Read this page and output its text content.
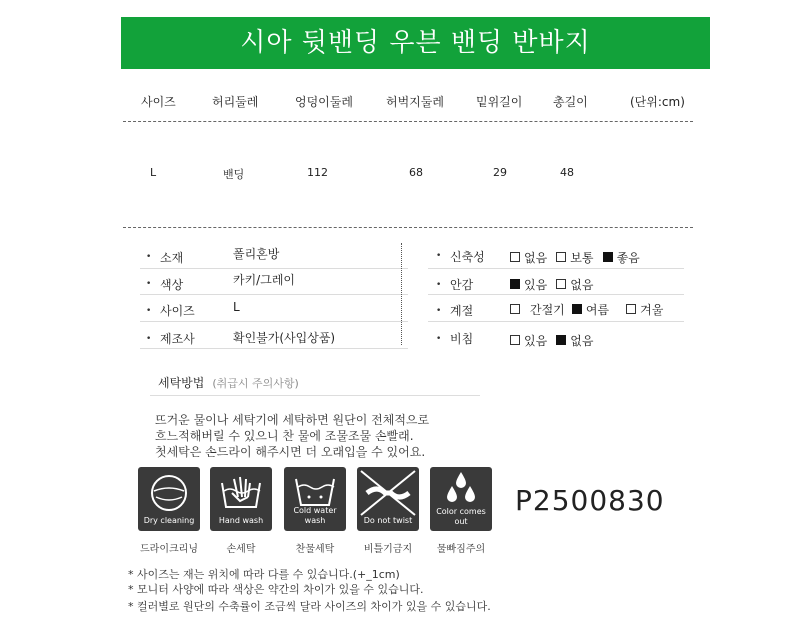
시아 뒷밴딩 우븐 밴딩 반바지
사이즈	허리둘레	엉덩이둘레	허벅지둘레	밑위길이	총길이	(단위:cm)
L	밴딩	112	68	29	48
• 소재	폴리혼방
• 색상	카키/그레이
• 사이즈	L
• 제조사	확인불가(사입상품)
• 신축성	없음
보통
좋음
• 안감	있음
없음
• 계절	간절기
여름
	겨울
• 비침	있음
없음
세탁방법 (취급시 주의사항)
뜨거운 물이나 세탁기에 세탁하면 원단이 전체적으로
흐느적해버릴 수 있으니 찬 물에 조물조물 손빨래.
첫세탁은 손드라이 해주시면 더 오래입을 수 있어요.
Dry cleaning	Hand wash
Cold water wash	Do not twist
Color comes out
드라이크리닝	손세탁	찬물세탁	비틀기금지	물빠짐주의
P2500830
* 사이즈는 재는 위치에 따라 다를 수 있습니다.(+_1cm)
* 모니터 사양에 따라 색상은 약간의 차이가 있을 수 있습니다.
* 컬러별로 원단의 수축률이 조금씩 달라 사이즈의 차이가 있을 수 있습니다.
